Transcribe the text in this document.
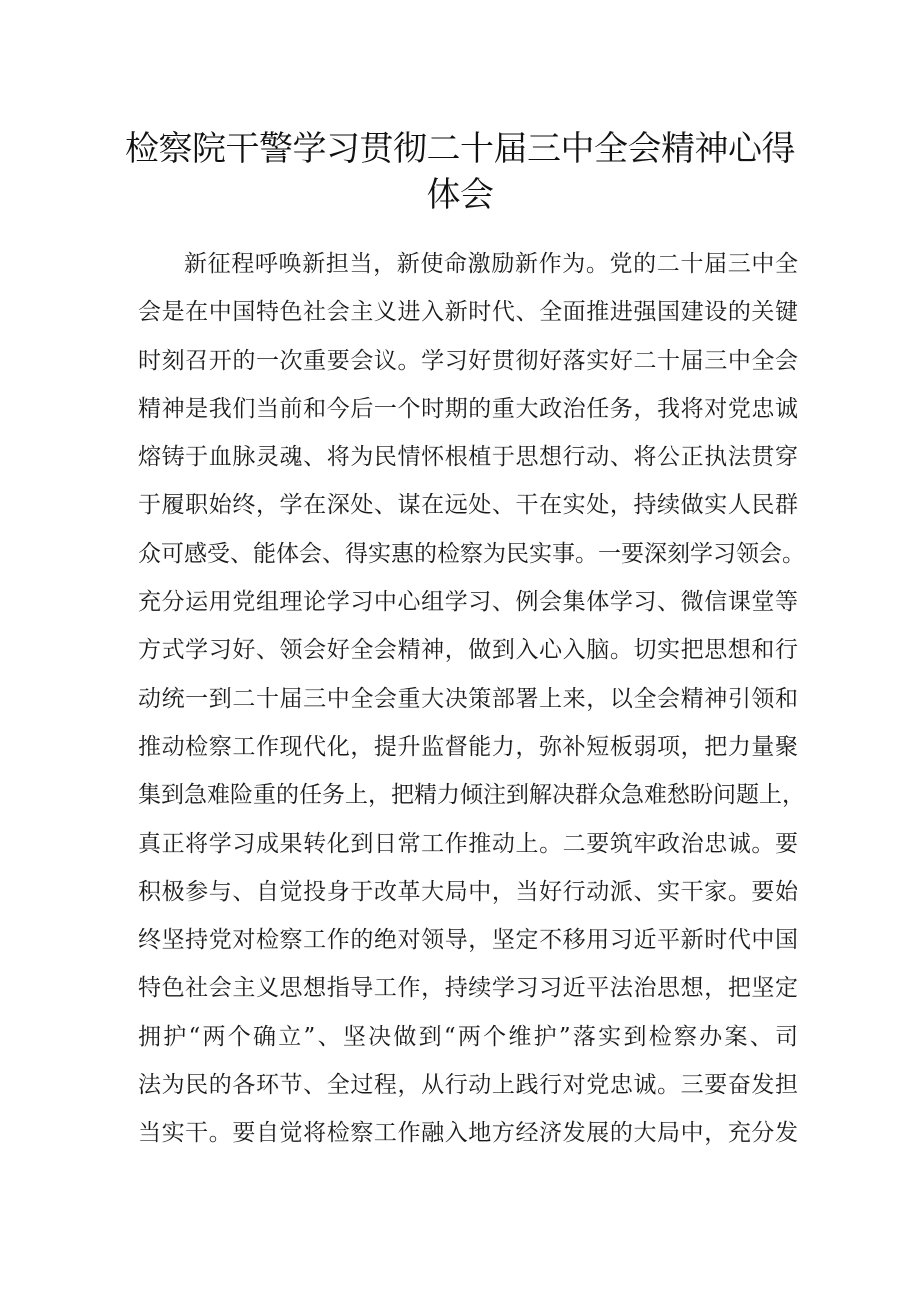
检察院干警学习贯彻二十届三中全会精神心得
体会
新征程呼唤新担当，新使命激励新作为。党的二十届三中全
会是在中国特色社会主义进入新时代、全面推进强国建设的关键
时刻召开的一次重要会议。学习好贯彻好落实好二十届三中全会
精神是我们当前和今后一个时期的重大政治任务，我将对党忠诚
熔铸于血脉灵魂、将为民情怀根植于思想行动、将公正执法贯穿
于履职始终，学在深处、谋在远处、干在实处，持续做实人民群
众可感受、能体会、得实惠的检察为民实事。一要深刻学习领会。
充分运用党组理论学习中心组学习、例会集体学习、微信课堂等
方式学习好、领会好全会精神，做到入心入脑。切实把思想和行
动统一到二十届三中全会重大决策部署上来，以全会精神引领和
推动检察工作现代化，提升监督能力，弥补短板弱项，把力量聚
集到急难险重的任务上，把精力倾注到解决群众急难愁盼问题上，
真正将学习成果转化到日常工作推动上。二要筑牢政治忠诚。要
积极参与、自觉投身于改革大局中，当好行动派、实干家。要始
终坚持党对检察工作的绝对领导，坚定不移用习近平新时代中国
特色社会主义思想指导工作，持续学习习近平法治思想，把坚定
拥护“两个确立”、坚决做到“两个维护”落实到检察办案、司
法为民的各环节、全过程，从行动上践行对党忠诚。三要奋发担
当实干。要自觉将检察工作融入地方经济发展的大局中，充分发
